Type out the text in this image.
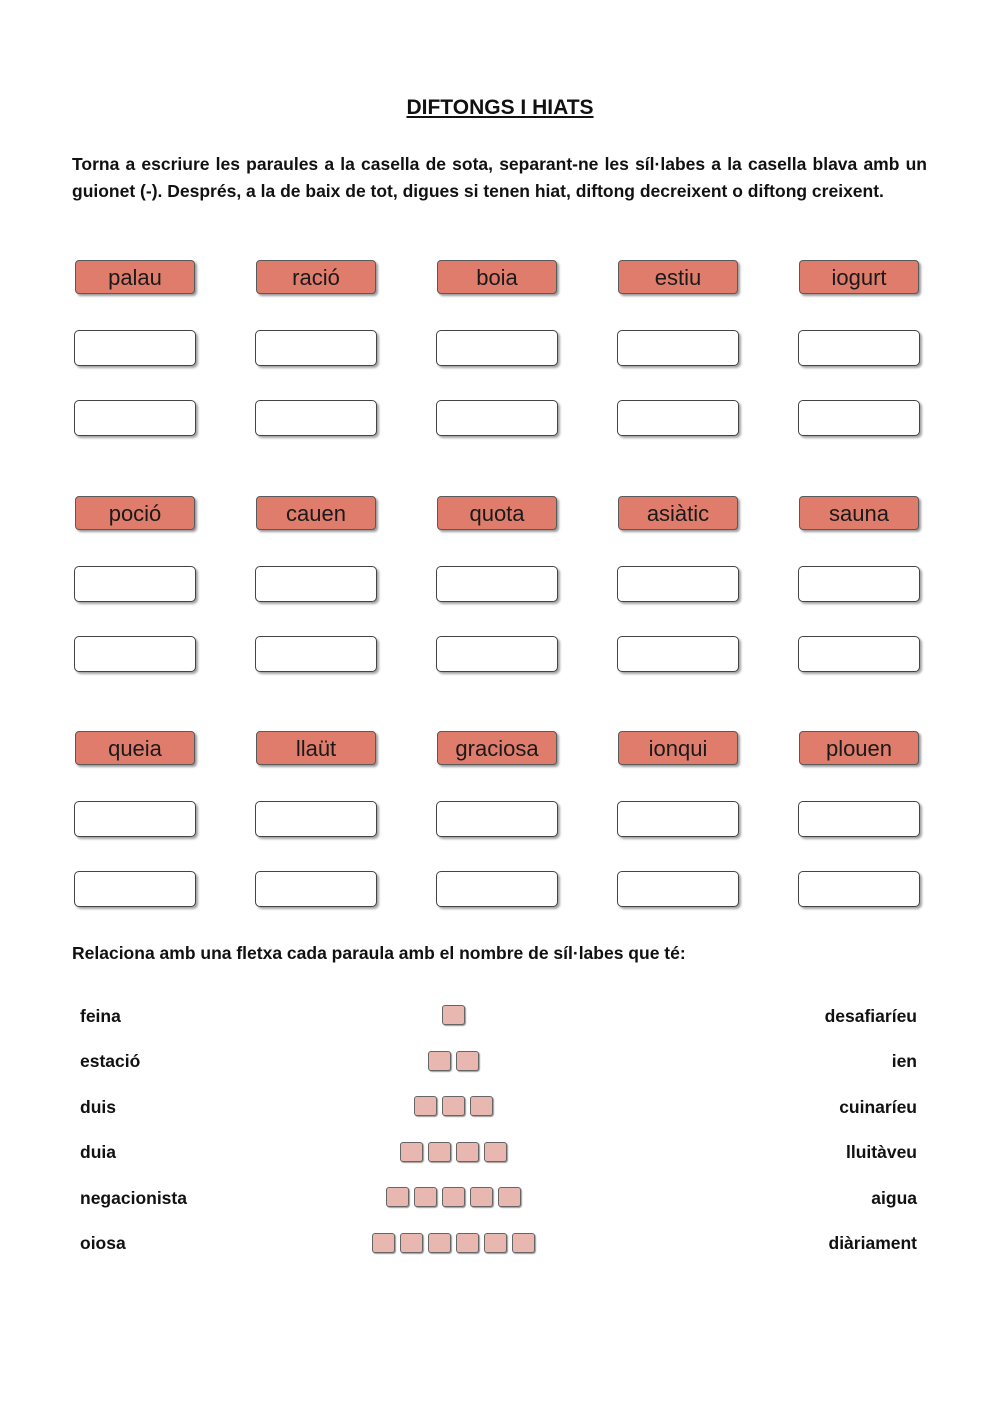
DIFTONGS I HIATS

Torna a escriure les paraules a la casella de sota, separant-ne les síl·labes a la casella blava amb un guionet (-). Després, a la de baix de tot, digues si tenen hiat, diftong decreixent o diftong creixent.

palau	ració	boia	estiu	iogurt
poció	cauen	quota	asiàtic	sauna
queia	llaüt	graciosa	ionqui	plouen

Relaciona amb una fletxa cada paraula amb el nombre de síl·labes que té:

feina	desafiaríeu
estació	ien
duis	cuinaríeu
duia	lluitàveu
negacionista	aigua
oiosa	diàriament
